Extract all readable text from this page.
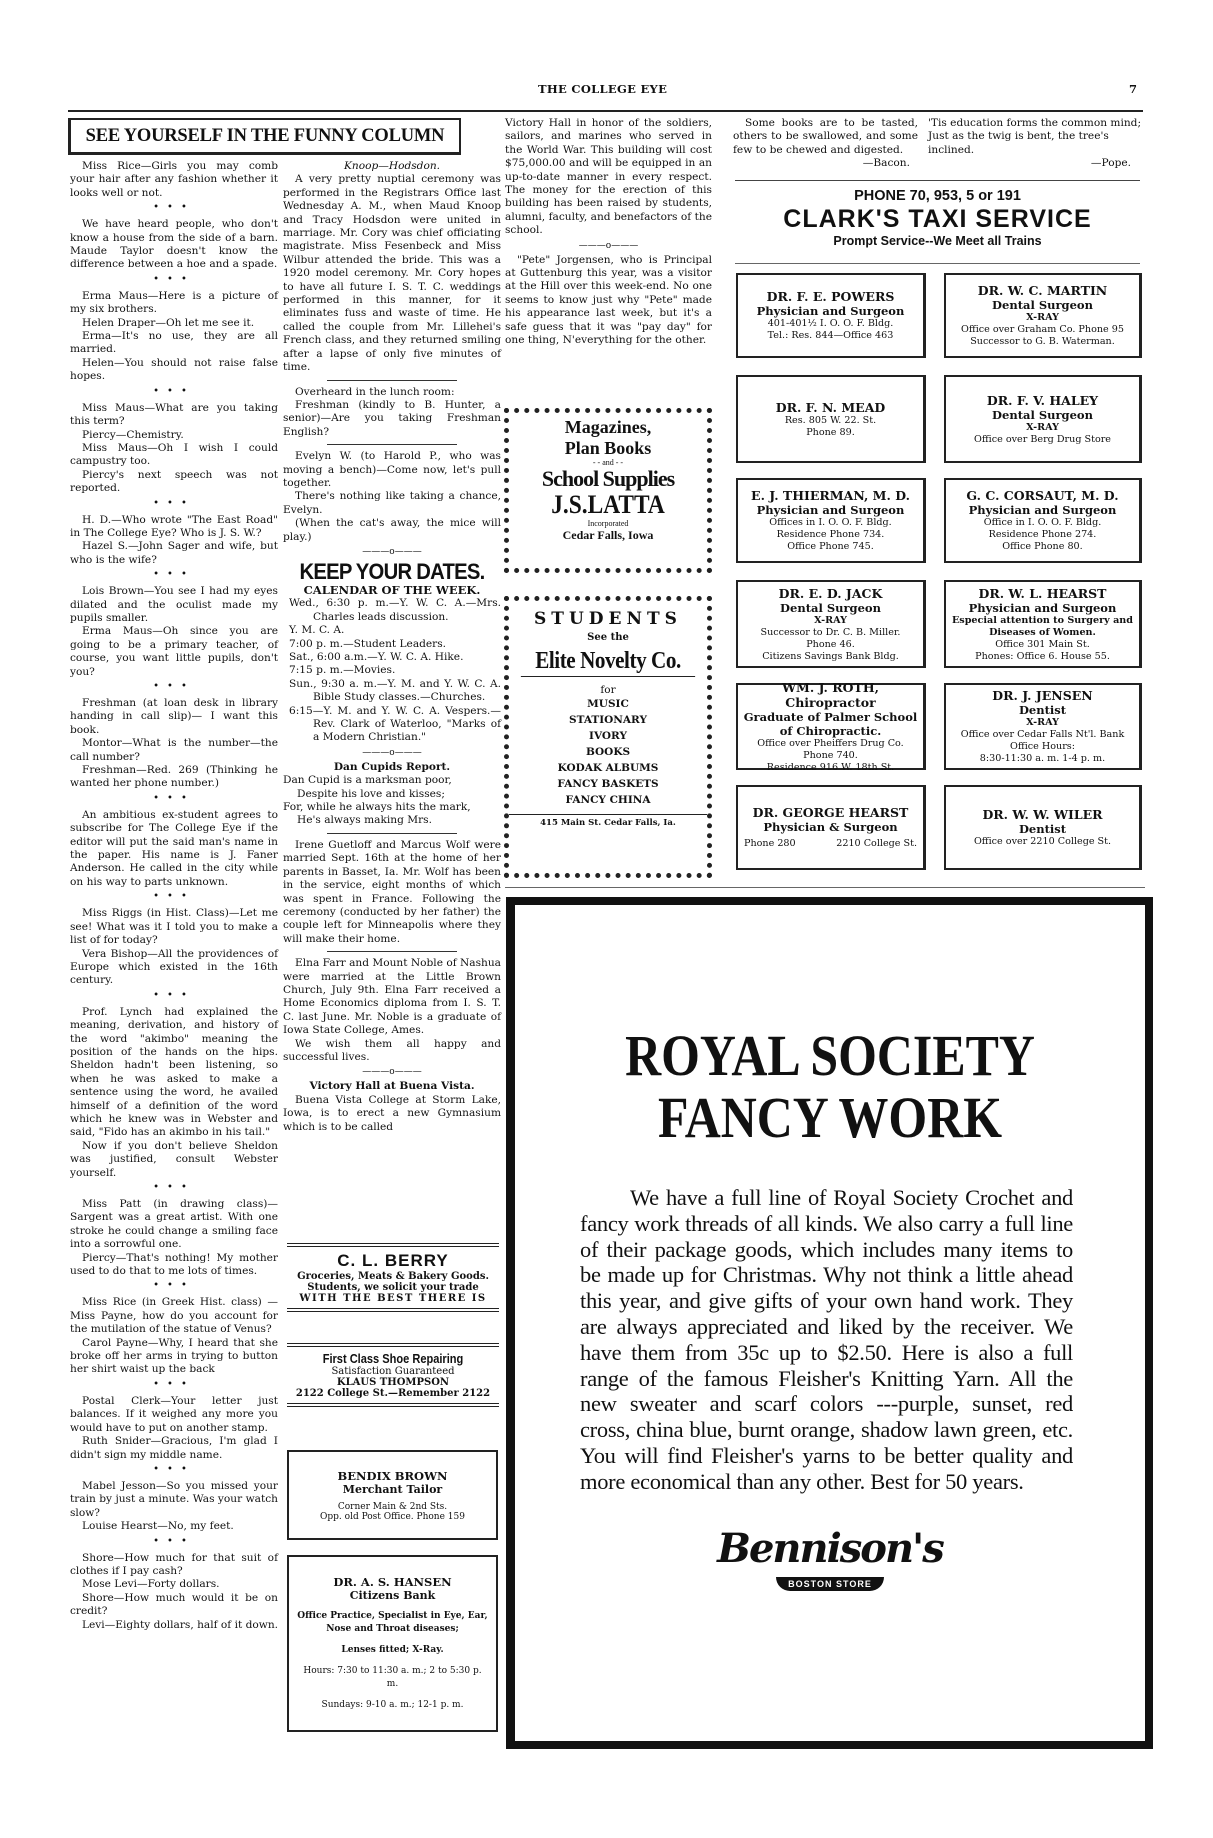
THE COLLEGE EYE	7
SEE YOURSELF IN THE FUNNY COLUMN

Miss Rice—Girls you may comb your hair after any fashion whether it looks well or not.

•••

We have heard people, who don't know a house from the side of a barn. Maude Taylor doesn't know the difference between a hoe and a spade.

•••

Erma Maus—Here is a picture of my six brothers.

Helen Draper—Oh let me see it.

Erma—It's no use, they are all married.

Helen—You should not raise false hopes.

•••

Miss Maus—What are you taking this term?

Piercy—Chemistry.

Miss Maus—Oh I wish I could campustry too.

Piercy's next speech was not reported.

•••

H. D.—Who wrote "The East Road" in The College Eye? Who is J. S. W.?

Hazel S.—John Sager and wife, but who is the wife?

•••

Lois Brown—You see I had my eyes dilated and the oculist made my pupils smaller.

Erma Maus—Oh since you are going to be a primary teacher, of course, you want little pupils, don't you?

•••

Freshman (at loan desk in library handing in call slip)— I want this book.

Montor—What is the number—the call number?

Freshman—Red. 269 (Thinking he wanted her phone number.)

•••

An ambitious ex-student agrees to subscribe for The College Eye if the editor will put the said man's name in the paper. His name is J. Faner Anderson. He called in the city while on his way to parts unknown.

•••

Miss Riggs (in Hist. Class)—Let me see! What was it I told you to make a list of for today?

Vera Bishop—All the providences of Europe which existed in the 16th century.

•••

Prof. Lynch had explained the meaning, derivation, and history of the word "akimbo" meaning the position of the hands on the hips. Sheldon hadn't been listening, so when he was asked to make a sentence using the word, he availed himself of a definition of the word which he knew was in Webster and said, "Fido has an akimbo in his tail."

Now if you don't believe Sheldon was justified, consult Webster yourself.

•••

Miss Patt (in drawing class)—Sargent was a great artist. With one stroke he could change a smiling face into a sorrowful one.

Piercy—That's nothing! My mother used to do that to me lots of times.

•••

Miss Rice (in Greek Hist. class) —Miss Payne, how do you account for the mutilation of the statue of Venus?

Carol Payne—Why, I heard that she broke off her arms in trying to button her shirt waist up the back

•••

Postal Clerk—Your letter just balances. If it weighed any more you would have to put on another stamp.

Ruth Snider—Gracious, I'm glad I didn't sign my middle name.

•••

Mabel Jesson—So you missed your train by just a minute. Was your watch slow?

Louise Hearst—No, my feet.

•••

Shore—How much for that suit of clothes if I pay cash?

Mose Levi—Forty dollars.

Shore—How much would it be on credit?

Levi—Eighty dollars, half of it down.

Knoop—Hodsdon.

A very pretty nuptial ceremony was performed in the Registrars Office last Wednesday A. M., when Maud Knoop and Tracy Hodsdon were united in marriage. Mr. Cory was chief officiating magistrate. Miss Fesenbeck and Miss Wilbur attended the bride. This was a 1920 model ceremony. Mr. Cory hopes to have all future I. S. T. C. weddings performed in this manner, for it eliminates fuss and waste of time. He called the couple from Mr. Lillehei's French class, and they returned smiling after a lapse of only five minutes of time.

Overheard in the lunch room:

Freshman (kindly to B. Hunter, a senior)—Are you taking Freshman English?

Evelyn W. (to Harold P., who was moving a bench)—Come now, let's pull together.

There's nothing like taking a chance, Evelyn.

(When the cat's away, the mice will play.)

———o———
KEEP YOUR DATES.
CALENDAR OF THE WEEK.
Wed., 6:30 p. m.—Y. W. C. A.—Mrs. Charles leads discussion.
Y. M. C. A.
7:00 p. m.—Student Leaders.
Sat., 6:00 a.m.—Y. W. C. A. Hike.
7:15 p. m.—Movies.
Sun., 9:30 a. m.—Y. M. and Y. W. C. A. Bible Study classes.—Churches.
6:15—Y. M. and Y. W. C. A. Vespers.—Rev. Clark of Waterloo, "Marks of a Modern Christian."
———o———
Dan Cupids Report.

Dan Cupid is a marksman poor,

Despite his love and kisses;

For, while he always hits the mark,

He's always making Mrs.

Irene Guetloff and Marcus Wolf were married Sept. 16th at the home of her parents in Basset, Ia. Mr. Wolf has been in the service, eight months of which was spent in France. Following the ceremony (conducted by her father) the couple left for Minneapolis where they will make their home.

Elna Farr and Mount Noble of Nashua were married at the Little Brown Church, July 9th. Elna Farr received a Home Economics diploma from I. S. T. C. last June. Mr. Noble is a graduate of Iowa State College, Ames.

We wish them all happy and successful lives.

———o———
Victory Hall at Buena Vista.

Buena Vista College at Storm Lake, Iowa, is to erect a new Gymnasium which is to be called

C. L. BERRY
Groceries, Meats & Bakery Goods.
Students, we solicit your trade
WITH THE BEST THERE IS
First Class Shoe Repairing
Satisfaction Guaranteed
KLAUS THOMPSON
2122 College St.—Remember 2122
BENDIX BROWN
Merchant Tailor
Corner Main & 2nd Sts.
Opp. old Post Office. Phone 159
DR. A. S. HANSEN
Citizens Bank
Office Practice, Specialist in Eye, Ear, Nose and Throat diseases;
Lenses fitted; X-Ray.
Hours: 7:30 to 11:30 a. m.; 2 to 5:30 p. m.
Sundays: 9-10 a. m.; 12-1 p. m.

Victory Hall in honor of the soldiers, sailors, and marines who served in the World War. This building will cost $75,000.00 and will be equipped in an up-to-date manner in every respect. The money for the erection of this building has been raised by students, alumni, faculty, and benefactors of the school.

———o———

"Pete" Jorgensen, who is Principal at Guttenburg this year, was a visitor at the Hill over this week-end. No one seems to know just why "Pete" made his appearance last week, but it's a safe guess that it was "pay day" for one thing, N'everything for the other.

Magazines,
Plan Books
- - and - -
School Supplies
J.S.LATTA
Incorporated
Cedar Falls, Iowa
STUDENTS
See the
Elite Novelty Co.
for
MUSIC
STATIONARY
IVORY
BOOKS
KODAK ALBUMS
FANCY BASKETS
FANCY CHINA
415 Main St. Cedar Falls, Ia.

Some books are to be tasted, others to be swallowed, and some few to be chewed and digested.

—Bacon.

'Tis education forms the common mind; Just as the twig is bent, the tree's inclined.

—Pope.
PHONE 70, 953, 5 or 191
CLARK'S TAXI SERVICE
Prompt Service--We Meet all Trains
DR. F. E. POWERS
Physician and Surgeon
401-401½ I. O. O. F. Bldg.
Tel.: Res. 844—Office 463
DR. W. C. MARTIN
Dental Surgeon
X-RAY
Office over Graham Co. Phone 95
Successor to G. B. Waterman.
DR. F. N. MEAD
Res. 805 W. 22. St.
Phone 89.
DR. F. V. HALEY
Dental Surgeon
X-RAY
Office over Berg Drug Store
E. J. THIERMAN, M. D.
Physician and Surgeon
Offices in I. O. O. F. Bldg.
Residence Phone 734.
Office Phone 745.
G. C. CORSAUT, M. D.
Physician and Surgeon
Office in I. O. O. F. Bldg.
Residence Phone 274.
Office Phone 80.
DR. E. D. JACK
Dental Surgeon
X-RAY
Successor to Dr. C. B. Miller.
Phone 46.
Citizens Savings Bank Bldg.
DR. W. L. HEARST
Physician and Surgeon
Especial attention to Surgery and Diseases of Women.
Office 301 Main St.
Phones: Office 6. House 55.
WM. J. ROTH, Chiropractor
Graduate of Palmer School of Chiropractic.
Office over Pheiffers Drug Co.
Phone 740.
Residence 916 W. 18th St.
DR. J. JENSEN
Dentist
X-RAY
Office over Cedar Falls Nt'l. Bank
Office Hours:
8:30-11:30 a. m. 1-4 p. m.
DR. GEORGE HEARST
Physician & Surgeon
Phone 280	2210 College St.
DR. W. W. WILER
Dentist
Office over 2210 College St.
ROYAL SOCIETY
FANCY WORK
We have a full line of Royal Society Crochet and fancy work threads of all kinds. We also carry a full line of their package goods, which includes many items to be made up for Christmas. Why not think a little ahead this year, and give gifts of your own hand work. They are always appreciated and liked by the receiver. We have them from 35c up to $2.50. Here is also a full range of the famous Fleisher's Knitting Yarn. All the new sweater and scarf colors ---purple, sunset, red cross, china blue, burnt orange, shadow lawn green, etc. You will find Fleisher's yarns to be better quality and more economical than any other. Best for 50 years.
Bennison's
BOSTON STORE
